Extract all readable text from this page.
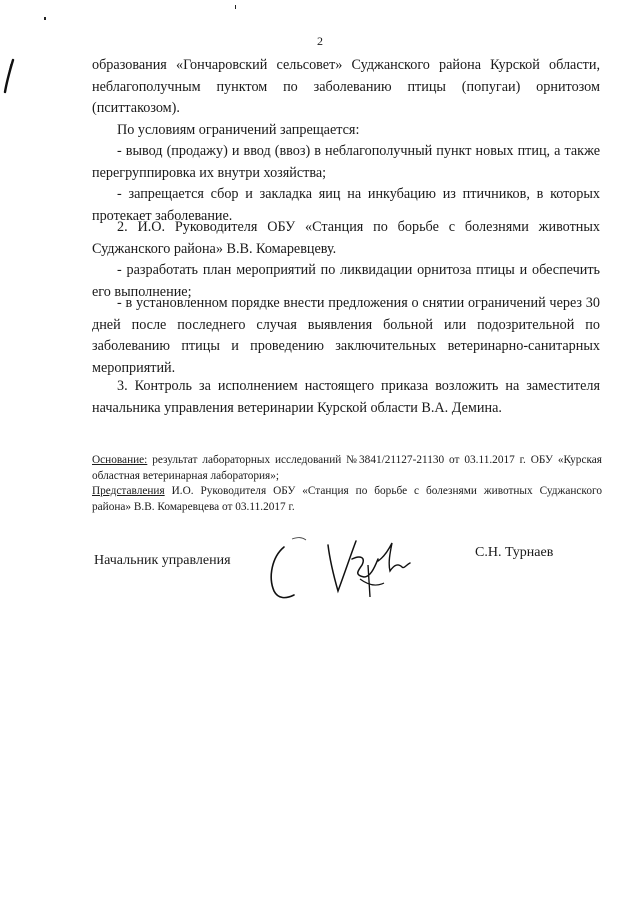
2

образования «Гончаровский сельсовет» Суджанского района Курской области, неблагополучным пунктом по заболеванию птицы (попугаи) орнитозом (пситтакозом).

По условиям ограничений запрещается:

- вывод (продажу) и ввод (ввоз) в неблагополучный пункт новых птиц, а также перегруппировка их внутри хозяйства;

- запрещается сбор и закладка яиц на инкубацию из птичников, в которых протекает заболевание.

2. И.О. Руководителя ОБУ «Станция по борьбе с болезнями животных Суджанского района» В.В. Комаревцеву.

- разработать план мероприятий по ликвидации орнитоза птицы и обеспечить его выполнение;

- в установленном порядке внести предложения о снятии ограничений через 30 дней после последнего случая выявления больной или подозрительной по заболеванию птицы и проведению заключительных ветеринарно-санитарных мероприятий.

3. Контроль за исполнением настоящего приказа возложить на заместителя начальника управления ветеринарии Курской области В.А. Демина.

Основание: результат лабораторных исследований №3841/21127-21130 от 03.11.2017 г. ОБУ «Курская областная ветеринарная лаборатория»;

Представления И.О. Руководителя ОБУ «Станция по борьбе с болезнями животных Суджанского района» В.В. Комаревцева от 03.11.2017 г.

Начальник управления
С.Н. Турнаев
